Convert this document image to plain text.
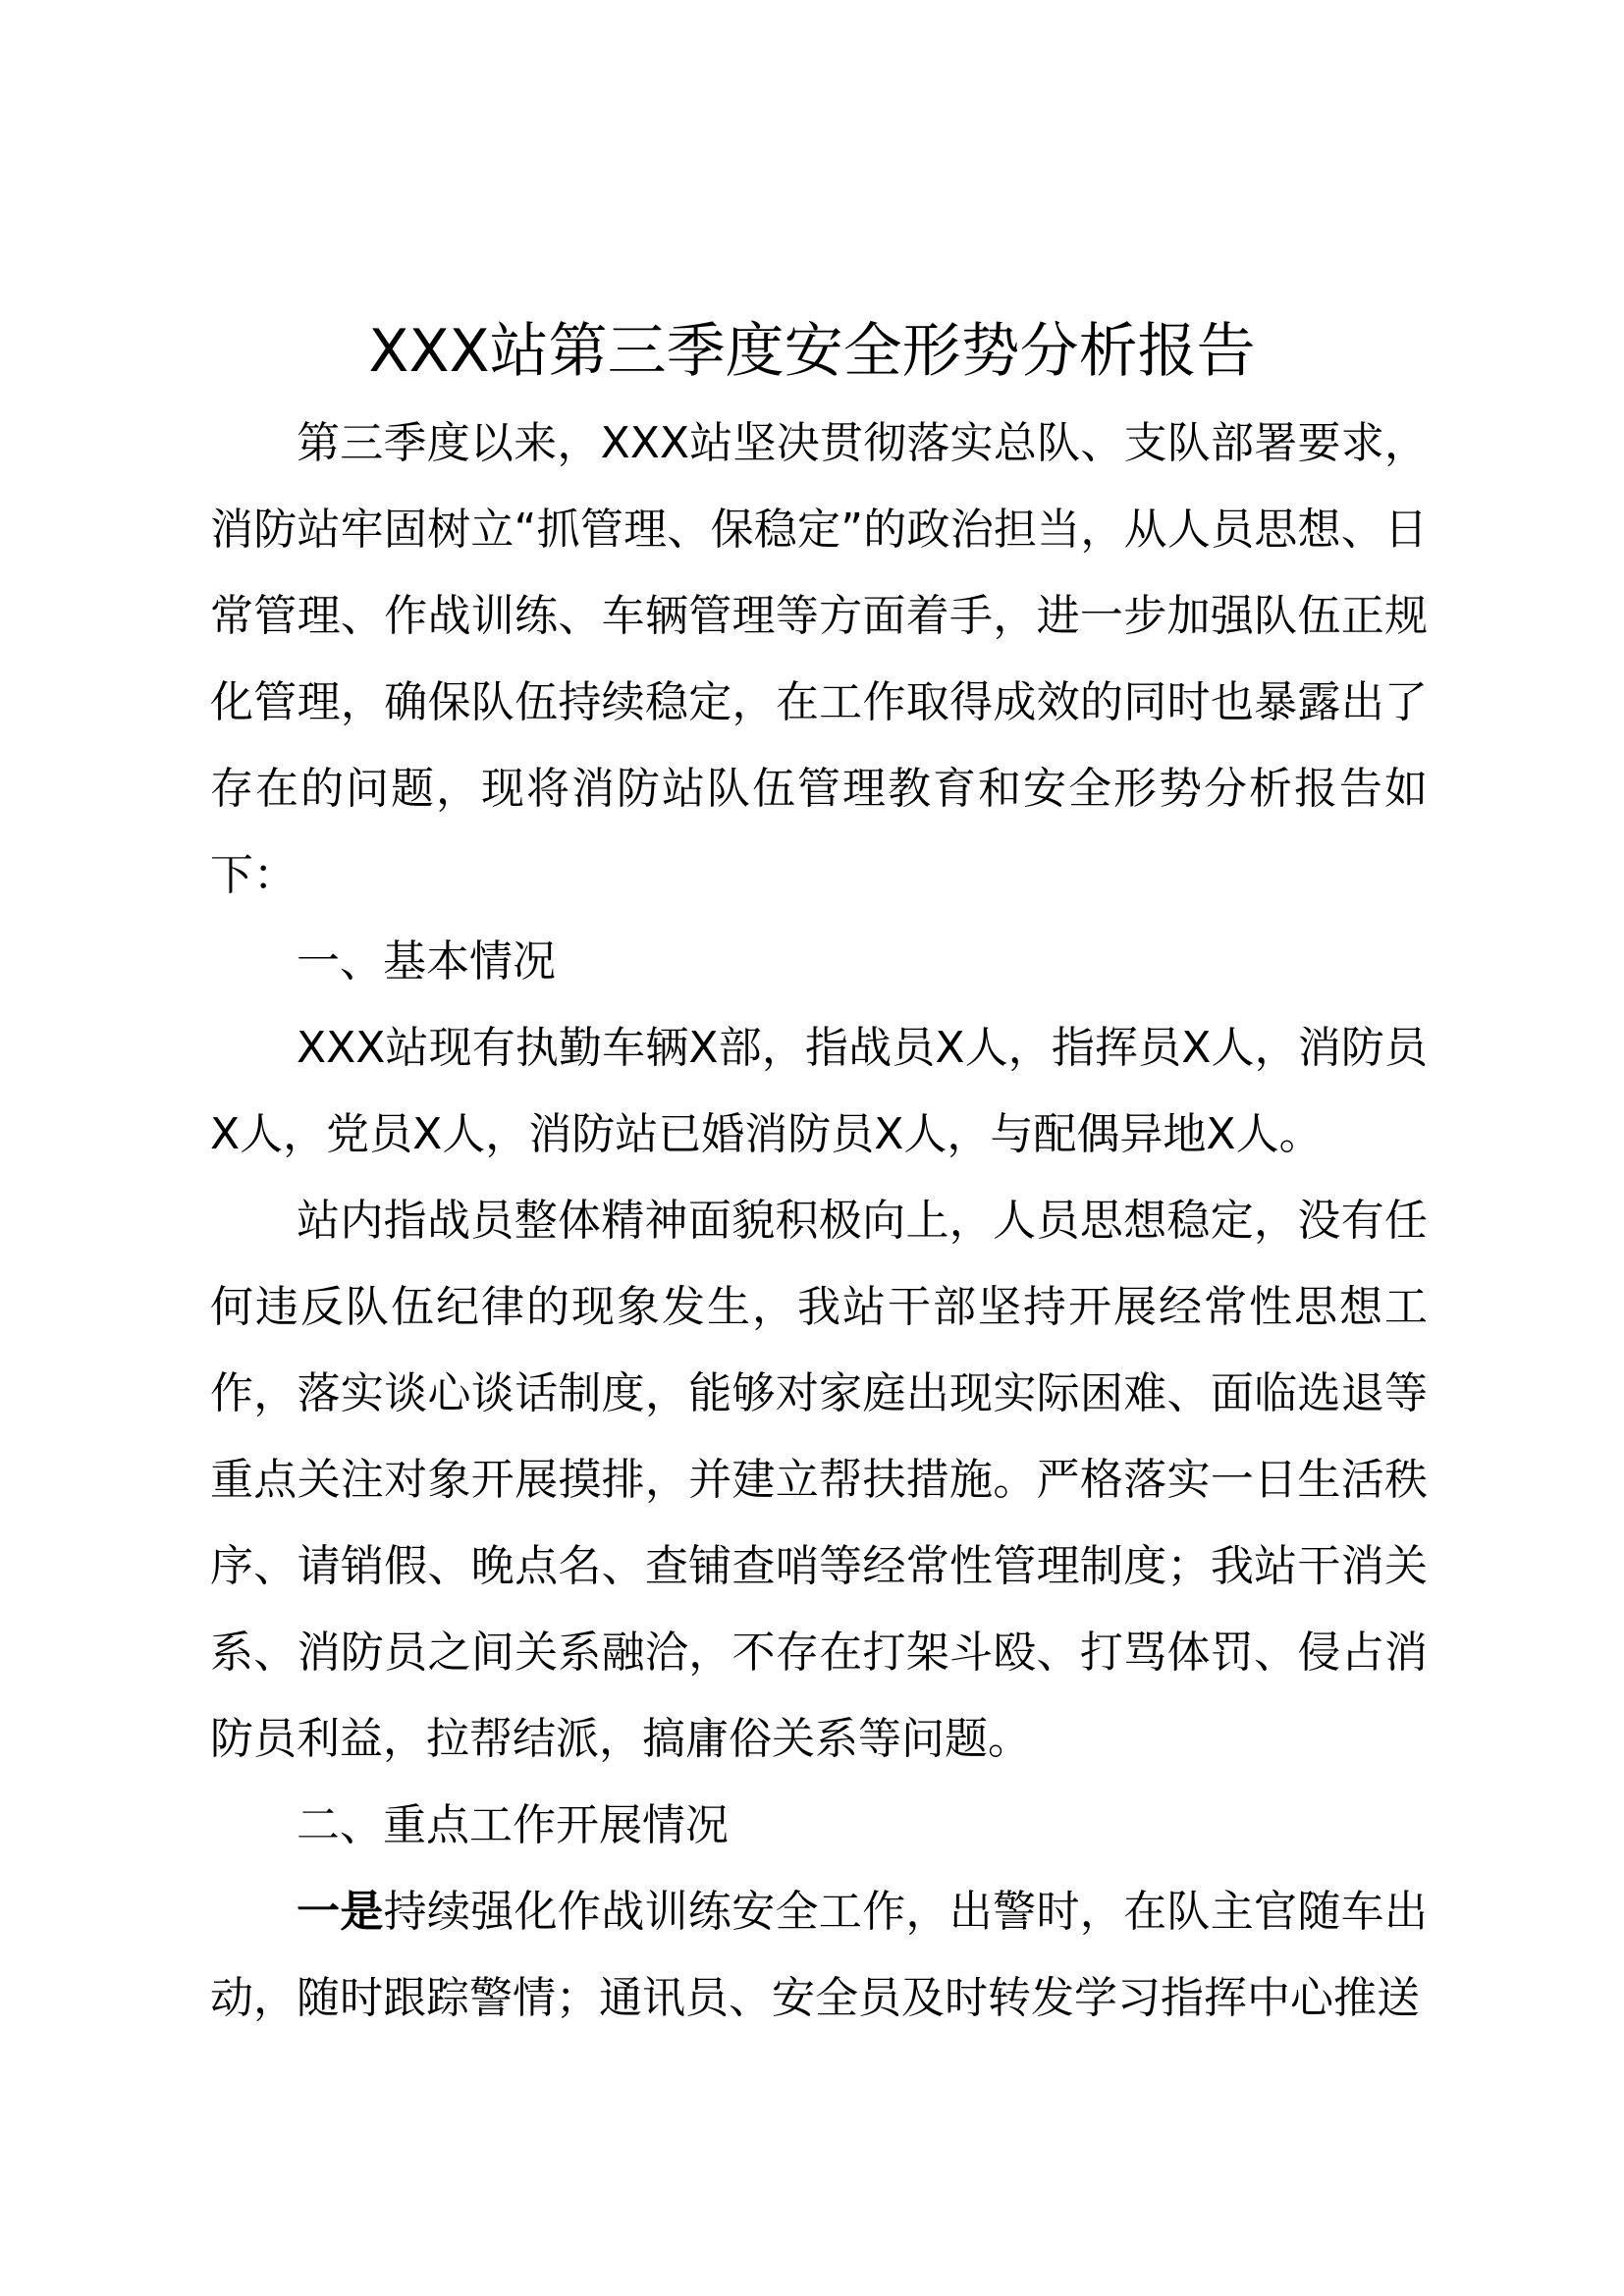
XXX站第三季度安全形势分析报告

第三季度以来，XXX站坚决贯彻落实总队、支队部署要求，消防站牢固树立“抓管理、保稳定”的政治担当，从人员思想、日常管理、作战训练、车辆管理等方面着手，进一步加强队伍正规化管理，确保队伍持续稳定，在工作取得成效的同时也暴露出了存在的问题，现将消防站队伍管理教育和安全形势分析报告如下：

一、基本情况

XXX站现有执勤车辆X部，指战员X人，指挥员X人，消防员X人，党员X人，消防站已婚消防员X人，与配偶异地X人。

站内指战员整体精神面貌积极向上，人员思想稳定，没有任何违反队伍纪律的现象发生，我站干部坚持开展经常性思想工作，落实谈心谈话制度，能够对家庭出现实际困难、面临选退等重点关注对象开展摸排，并建立帮扶措施。严格落实一日生活秩序、请销假、晚点名、查铺查哨等经常性管理制度；我站干消关系、消防员之间关系融洽，不存在打架斗殴、打骂体罚、侵占消防员利益，拉帮结派，搞庸俗关系等问题。

二、重点工作开展情况

一是持续强化作战训练安全工作，出警时，在队主官随车出动，随时跟踪警情；通讯员、安全员及时转发学习指挥中心推送
